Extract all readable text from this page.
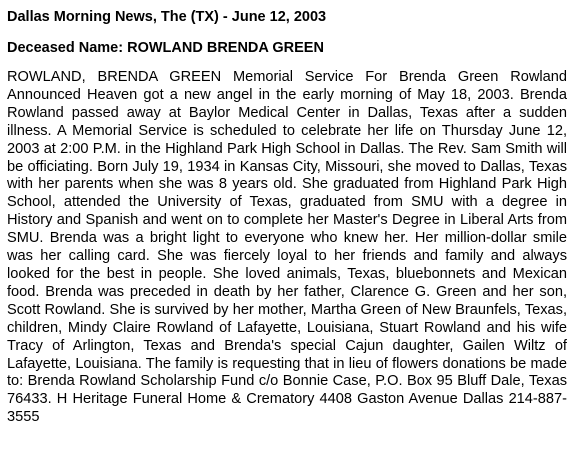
Dallas Morning News, The (TX) - June 12, 2003
Deceased Name: ROWLAND BRENDA GREEN

ROWLAND, BRENDA GREEN Memorial Service For Brenda Green Rowland Announced Heaven got a new angel in the early morning of May 18, 2003. Brenda Rowland passed away at Baylor Medical Center in Dallas, Texas after a sudden illness. A Memorial Service is scheduled to celebrate her life on Thursday June 12, 2003 at 2:00 P.M. in the Highland Park High School in Dallas. The Rev. Sam Smith will be officiating. Born July 19, 1934 in Kansas City, Missouri, she moved to Dallas, Texas with her parents when she was 8 years old. She graduated from Highland Park High School, attended the University of Texas, graduated from SMU with a degree in History and Spanish and went on to complete her Master's Degree in Liberal Arts from SMU. Brenda was a bright light to everyone who knew her. Her million-dollar smile was her calling card. She was fiercely loyal to her friends and family and always looked for the best in people. She loved animals, Texas, bluebonnets and Mexican food. Brenda was preceded in death by her father, Clarence G. Green and her son, Scott Rowland. She is survived by her mother, Martha Green of New Braunfels, Texas, children, Mindy Claire Rowland of Lafayette, Louisiana, Stuart Rowland and his wife Tracy of Arlington, Texas and Brenda's special Cajun daughter, Gailen Wiltz of Lafayette, Louisiana. The family is requesting that in lieu of flowers donations be made to: Brenda Rowland Scholarship Fund c/o Bonnie Case, P.O. Box 95 Bluff Dale, Texas 76433. H Heritage Funeral Home & Crematory 4408 Gaston Avenue Dallas 214-887-3555
